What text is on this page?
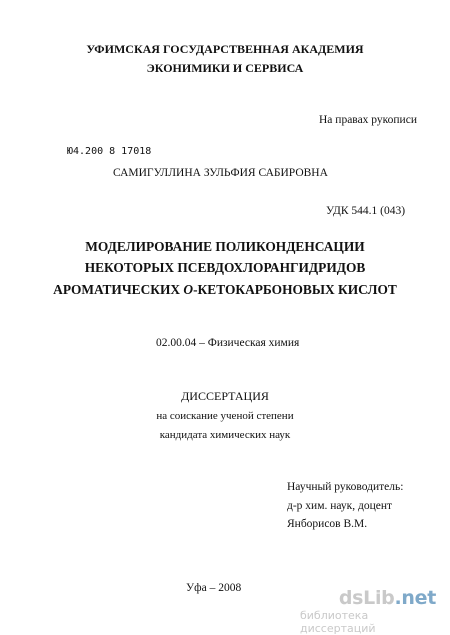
УФИМСКАЯ ГОСУДАРСТВЕННАЯ АКАДЕМИЯ
ЭКОНИМИКИ И СЕРВИСА
На правах рукописи
Ю4.200 8 17018
САМИГУЛЛИНА ЗУЛЬФИЯ САБИРОВНА
УДК 544.1 (043)
МОДЕЛИРОВАНИЕ ПОЛИКОНДЕНСАЦИИ
НЕКОТОРЫХ ПСЕВДОХЛОРАНГИДРИДОВ
АРОМАТИЧЕСКИХ О-КЕТОКАРБОНОВЫХ КИСЛОТ
02.00.04 – Физическая химия
ДИССЕРТАЦИЯ
на соискание ученой степени
кандидата химических наук
Научный руководитель:
д-р хим. наук, доцент
Янборисов В.М.
Уфа – 2008	dsLib.net
библиотека диссертаций
